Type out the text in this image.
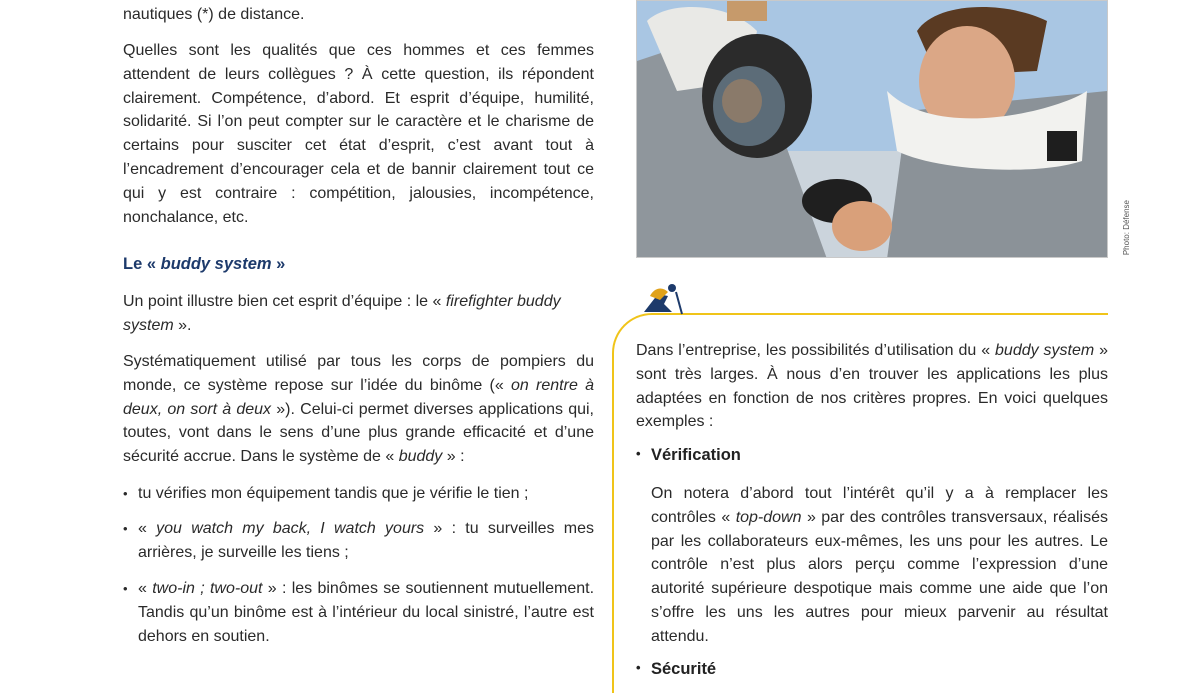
nautiques (*) de distance.

Quelles sont les qualités que ces hommes et ces femmes attendent de leurs collègues ? À cette question, ils répondent clairement. Compétence, d’abord. Et esprit d’équipe, humilité, solidarité. Si l’on peut compter sur le caractère et le charisme de certains pour susciter cet état d’esprit, c’est avant tout à l’encadrement d’encourager cela et de bannir clairement tout ce qui y est contraire : compétition, jalousies, incompétence, nonchalance, etc.

Le « buddy system »

Un point illustre bien cet esprit d’équipe : le « firefighter buddy system ».

Systématiquement utilisé par tous les corps de pompiers du monde, ce système repose sur l’idée du binôme (« on rentre à deux, on sort à deux »). Celui-ci permet diverses applications qui, toutes, vont dans le sens d’une plus grande efficacité et d’une sécurité accrue. Dans le système de « buddy » :

• tu vérifies mon équipement tandis que je vérifie le tien ;
• « you watch my back, I watch yours » : tu surveilles mes arrières, je surveille les tiens ;
• « two-in ; two-out » : les binômes se soutiennent mutuellement. Tandis qu’un binôme est à l’intérieur du local sinistré, l’autre est dehors en soutien.
Photo: Défense

Dans l’entreprise, les possibilités d’utilisation du « buddy system » sont très larges. À nous d’en trouver les applications les plus adaptées en fonction de nos critères propres. En voici quelques exemples :

• Vérification

On notera d’abord tout l’intérêt qu’il y a à remplacer les contrôles « top-down » par des contrôles transversaux, réalisés par les collaborateurs eux-mêmes, les uns pour les autres. Le contrôle n’est plus alors perçu comme l’expression d’une autorité supérieure despotique mais comme une aide que l’on s’offre les uns les autres pour mieux parvenir au résultat attendu.

• Sécurité
